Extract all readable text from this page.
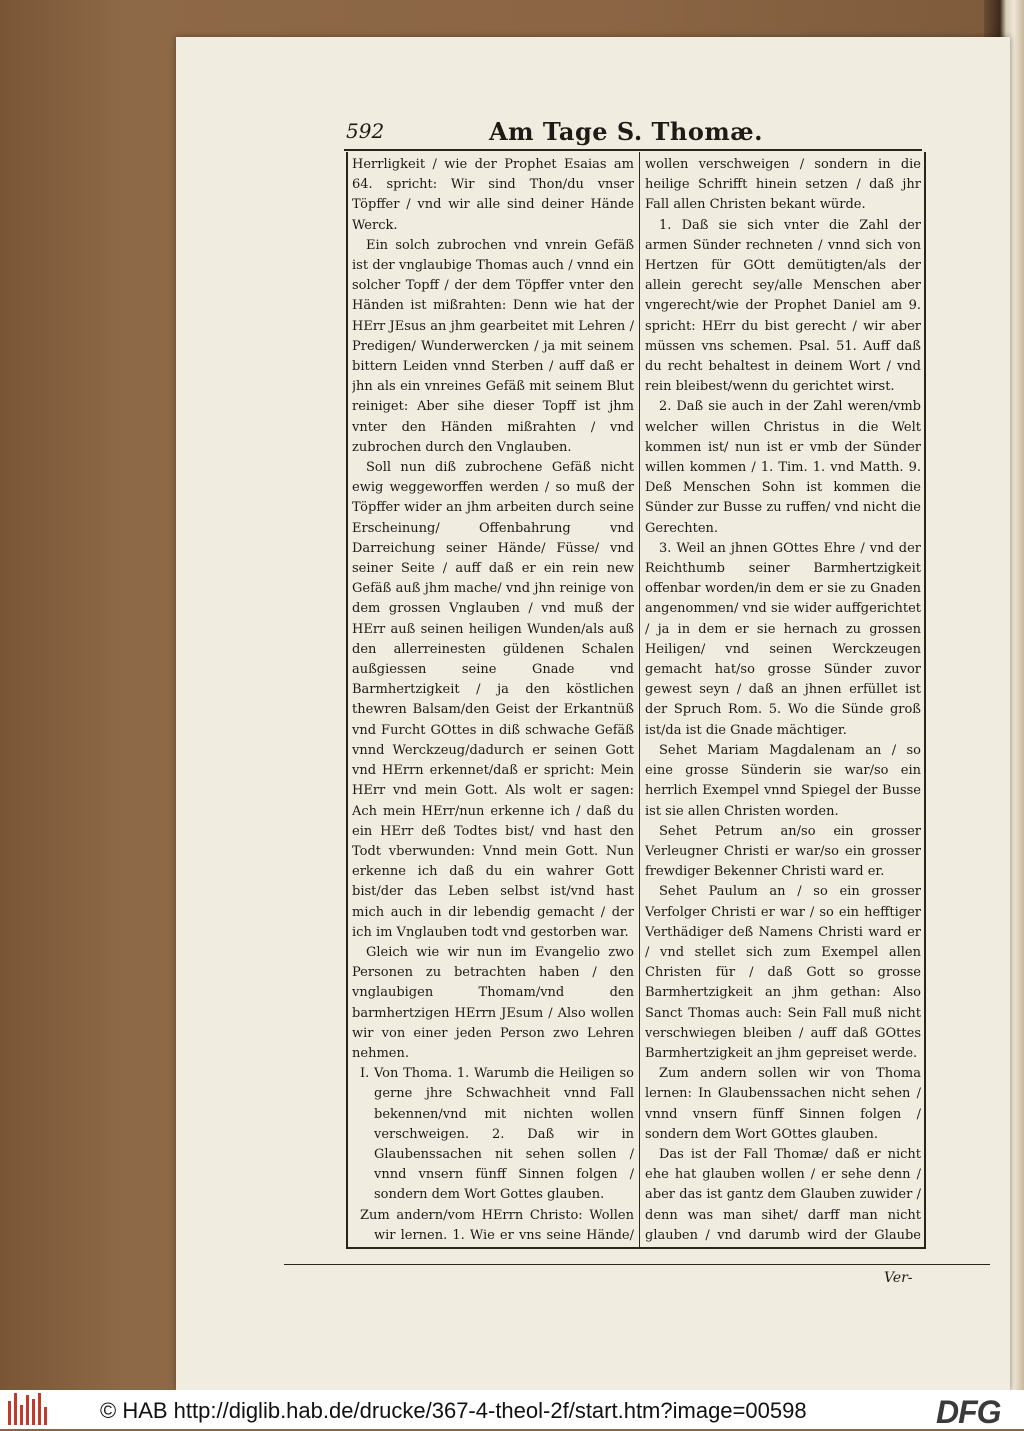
592	Am Tage S. Thomæ.

Herrligkeit / wie der Prophet Esaias am 64. spricht: Wir sind Thon/du vnser Töpffer / vnd wir alle sind deiner Hände Werck.

Ein solch zubrochen vnd vnrein Gefäß ist der vnglaubige Thomas auch / vnnd ein solcher Topff / der dem Töpffer vnter den Händen ist mißrahten: Denn wie hat der HErr JEsus an jhm gearbeitet mit Lehren / Predigen/ Wunderwercken / ja mit seinem bittern Leiden vnnd Sterben / auff daß er jhn als ein vnreines Gefäß mit seinem Blut reiniget: Aber sihe dieser Topff ist jhm vnter den Händen mißrahten / vnd zubrochen durch den Vnglauben.

Soll nun diß zubrochene Gefäß nicht ewig weggeworffen werden / so muß der Töpffer wider an jhm arbeiten durch seine Erscheinung/ Offenbahrung vnd Darreichung seiner Hände/ Füsse/ vnd seiner Seite / auff daß er ein rein new Gefäß auß jhm mache/ vnd jhn reinige von dem grossen Vnglauben / vnd muß der HErr auß seinen heiligen Wunden/als auß den allerreinesten güldenen Schalen außgiessen seine Gnade vnd Barmhertzigkeit / ja den köstlichen thewren Balsam/den Geist der Erkantnüß vnd Furcht GOttes in diß schwache Gefäß vnnd Werckzeug/dadurch er seinen Gott vnd HErrn erkennet/daß er spricht: Mein HErr vnd mein Gott. Als wolt er sagen: Ach mein HErr/nun erkenne ich / daß du ein HErr deß Todtes bist/ vnd hast den Todt vberwunden: Vnnd mein Gott. Nun erkenne ich daß du ein wahrer Gott bist/der das Leben selbst ist/vnd hast mich auch in dir lebendig gemacht / der ich im Vnglauben todt vnd gestorben war.

Gleich wie wir nun im Evangelio zwo Personen zu betrachten haben / den vnglaubigen Thomam/vnd den barmhertzigen HErrn JEsum / Also wollen wir von einer jeden Person zwo Lehren nehmen.

I. Von Thoma. 1. Warumb die Heiligen so gerne jhre Schwachheit vnnd Fall bekennen/vnd mit nichten wollen verschweigen. 2. Daß wir in Glaubenssachen nit sehen sollen / vnnd vnsern fünff Sinnen folgen / sondern dem Wort Gottes glauben.

Zum andern/vom HErrn Christo: Wollen wir lernen. 1. Wie er vns seine Hände/

wollen verschweigen / sondern in die heilige Schrifft hinein setzen / daß jhr Fall allen Christen bekant würde.

1. Daß sie sich vnter die Zahl der armen Sünder rechneten / vnnd sich von Hertzen für GOtt demütigten/als der allein gerecht sey/alle Menschen aber vngerecht/wie der Prophet Daniel am 9. spricht: HErr du bist gerecht / wir aber müssen vns schemen. Psal. 51. Auff daß du recht behaltest in deinem Wort / vnd rein bleibest/wenn du gerichtet wirst.

2. Daß sie auch in der Zahl weren/vmb welcher willen Christus in die Welt kommen ist/ nun ist er vmb der Sünder willen kommen / 1. Tim. 1. vnd Matth. 9. Deß Menschen Sohn ist kommen die Sünder zur Busse zu ruffen/ vnd nicht die Gerechten.

3. Weil an jhnen GOttes Ehre / vnd der Reichthumb seiner Barmhertzigkeit offenbar worden/in dem er sie zu Gnaden angenommen/ vnd sie wider auffgerichtet / ja in dem er sie hernach zu grossen Heiligen/ vnd seinen Werckzeugen gemacht hat/so grosse Sünder zuvor gewest seyn / daß an jhnen erfüllet ist der Spruch Rom. 5. Wo die Sünde groß ist/da ist die Gnade mächtiger.

Sehet Mariam Magdalenam an / so eine grosse Sünderin sie war/so ein herrlich Exempel vnnd Spiegel der Busse ist sie allen Christen worden.

Sehet Petrum an/so ein grosser Verleugner Christi er war/so ein grosser frewdiger Bekenner Christi ward er.

Sehet Paulum an / so ein grosser Verfolger Christi er war / so ein hefftiger Verthädiger deß Namens Christi ward er / vnd stellet sich zum Exempel allen Christen für / daß Gott so grosse Barmhertzigkeit an jhm gethan: Also Sanct Thomas auch: Sein Fall muß nicht verschwiegen bleiben / auff daß GOttes Barmhertzigkeit an jhm gepreiset werde.

Zum andern sollen wir von Thoma lernen: In Glaubenssachen nicht sehen / vnnd vnsern fünff Sinnen folgen / sondern dem Wort GOttes glauben.

Das ist der Fall Thomæ/ daß er nicht ehe hat glauben wollen / er sehe denn / aber das ist gantz dem Glauben zuwider / denn was man sihet/ darff man nicht glauben / vnd darumb wird der Glaube

Ver-
© HAB http://diglib.hab.de/drucke/367-4-theol-2f/start.htm?image=00598	DFG
